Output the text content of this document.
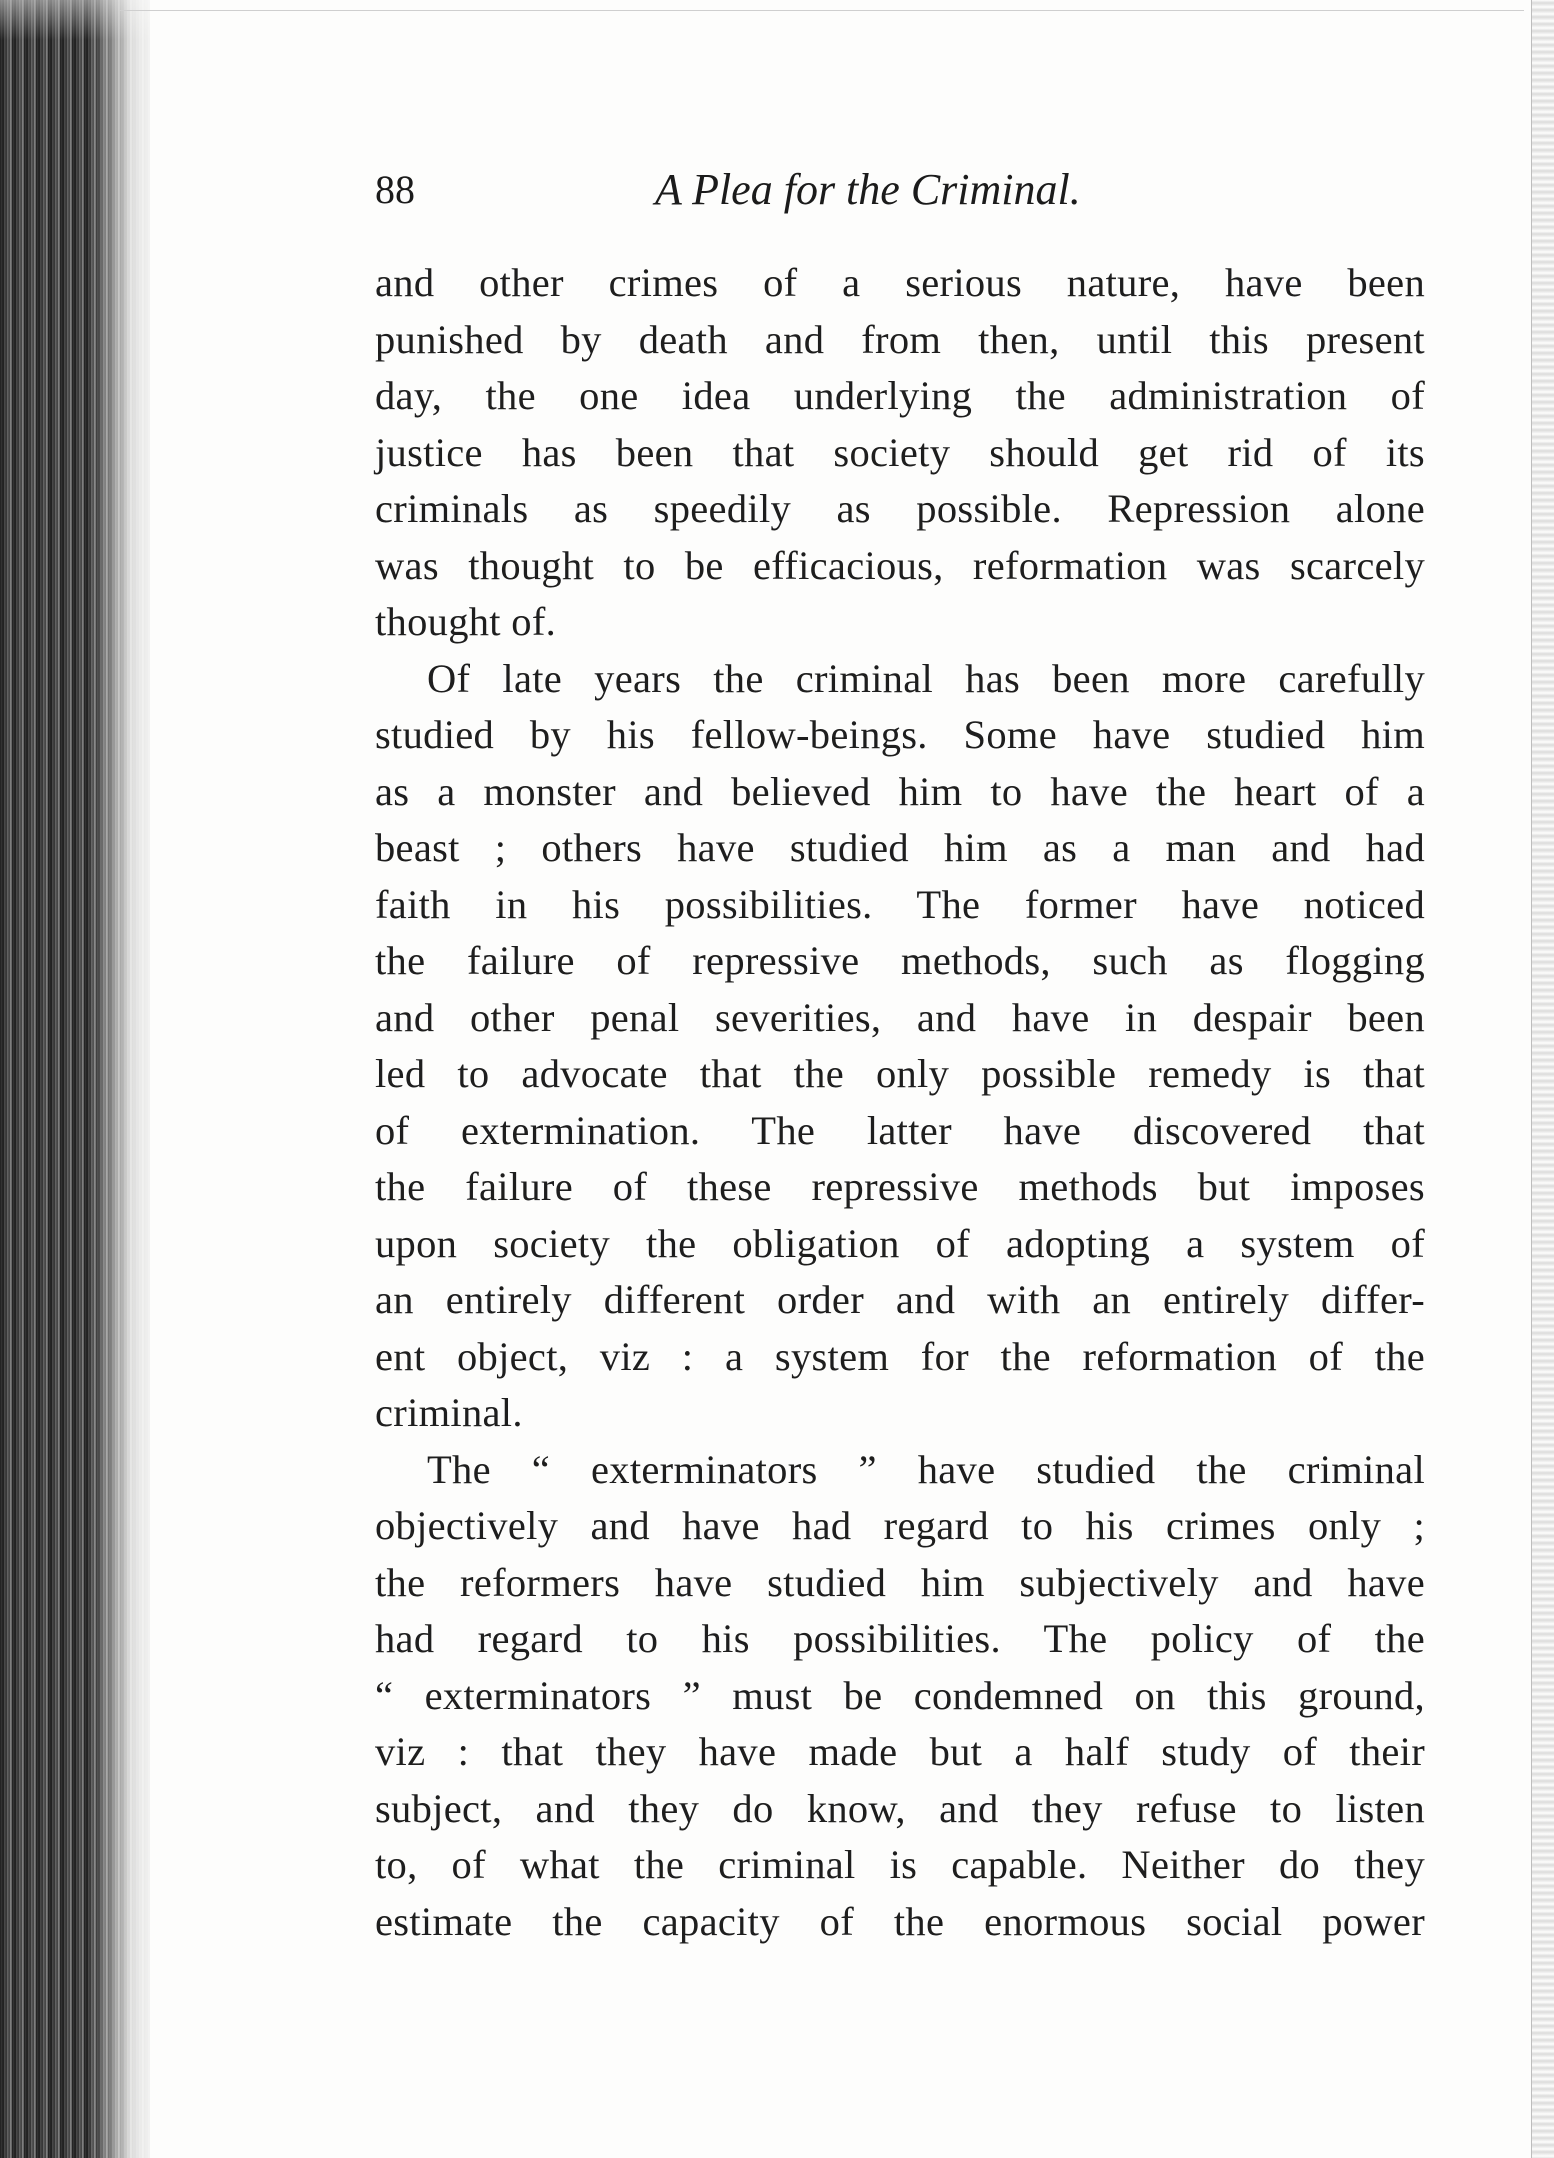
88	A Plea for the Criminal.
and other crimes of a serious nature, have been
punished by death and from then, until this present
day, the one idea underlying the administration of
justice has been that society should get rid of its
criminals as speedily as possible. Repression alone
was thought to be efficacious, reformation was scarcely
thought of.
Of late years the criminal has been more carefully
studied by his fellow-beings. Some have studied him
as a monster and believed him to have the heart of a
beast ; others have studied him as a man and had
faith in his possibilities. The former have noticed
the failure of repressive methods, such as flogging
and other penal severities, and have in despair been
led to advocate that the only possible remedy is that
of extermination. The latter have discovered that
the failure of these repressive methods but imposes
upon society the obligation of adopting a system of
an entirely different order and with an entirely differ-
ent object, viz : a system for the reformation of the
criminal.
The “ exterminators ” have studied the criminal
objectively and have had regard to his crimes only ;
the reformers have studied him subjectively and have
had regard to his possibilities. The policy of the
“ exterminators ” must be condemned on this ground,
viz : that they have made but a half study of their
subject, and they do know, and they refuse to listen
to, of what the criminal is capable. Neither do they
estimate the capacity of the enormous social power
